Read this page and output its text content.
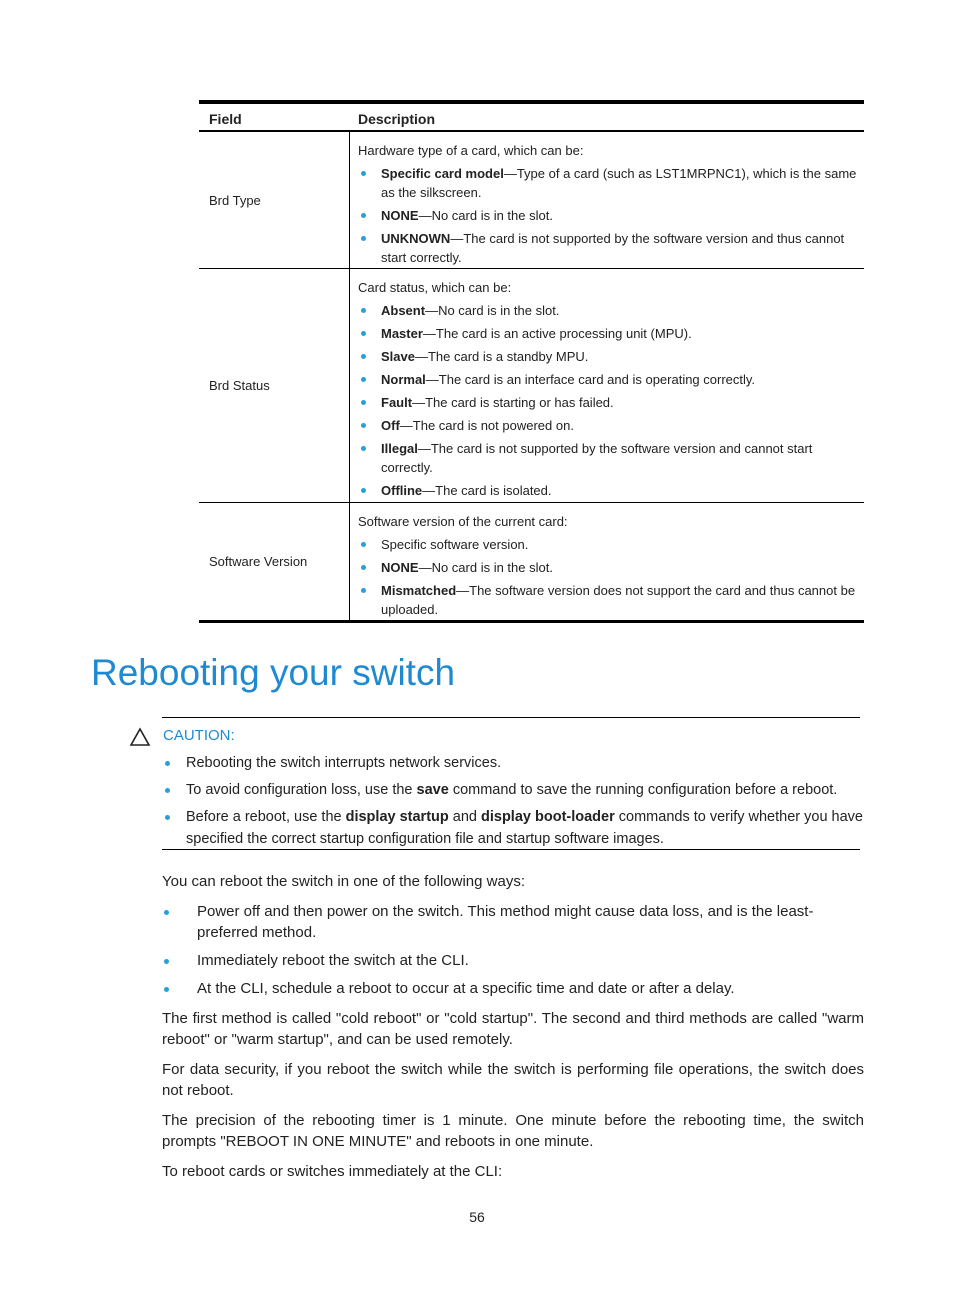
Field	Description
Brd Type
Hardware type of a card, which can be:
Specific card model—Type of a card (such as LST1MRPNC1), which is the same as the silkscreen.
NONE—No card is in the slot.
UNKNOWN—The card is not supported by the software version and thus cannot start correctly.
Brd Status
Card status, which can be:
Absent—No card is in the slot.
Master—The card is an active processing unit (MPU).
Slave—The card is a standby MPU.
Normal—The card is an interface card and is operating correctly.
Fault—The card is starting or has failed.
Off—The card is not powered on.
Illegal—The card is not supported by the software version and cannot start correctly.
Offline—The card is isolated.
Software Version
Software version of the current card:
Specific software version.
NONE—No card is in the slot.
Mismatched—The software version does not support the card and thus cannot be uploaded.
Rebooting your switch
CAUTION:
Rebooting the switch interrupts network services.
To avoid configuration loss, use the save command to save the running configuration before a reboot.
Before a reboot, use the display startup and display boot-loader commands to verify whether you have specified the correct startup configuration file and startup software images.

You can reboot the switch in one of the following ways:

Power off and then power on the switch. This method might cause data loss, and is the least-preferred method.
Immediately reboot the switch at the CLI.
At the CLI, schedule a reboot to occur at a specific time and date or after a delay.

The first method is called "cold reboot" or "cold startup". The second and third methods are called "warm reboot" or "warm startup", and can be used remotely.

For data security, if you reboot the switch while the switch is performing file operations, the switch does not reboot.

The precision of the rebooting timer is 1 minute. One minute before the rebooting time, the switch prompts "REBOOT IN ONE MINUTE" and reboots in one minute.

To reboot cards or switches immediately at the CLI:

56
